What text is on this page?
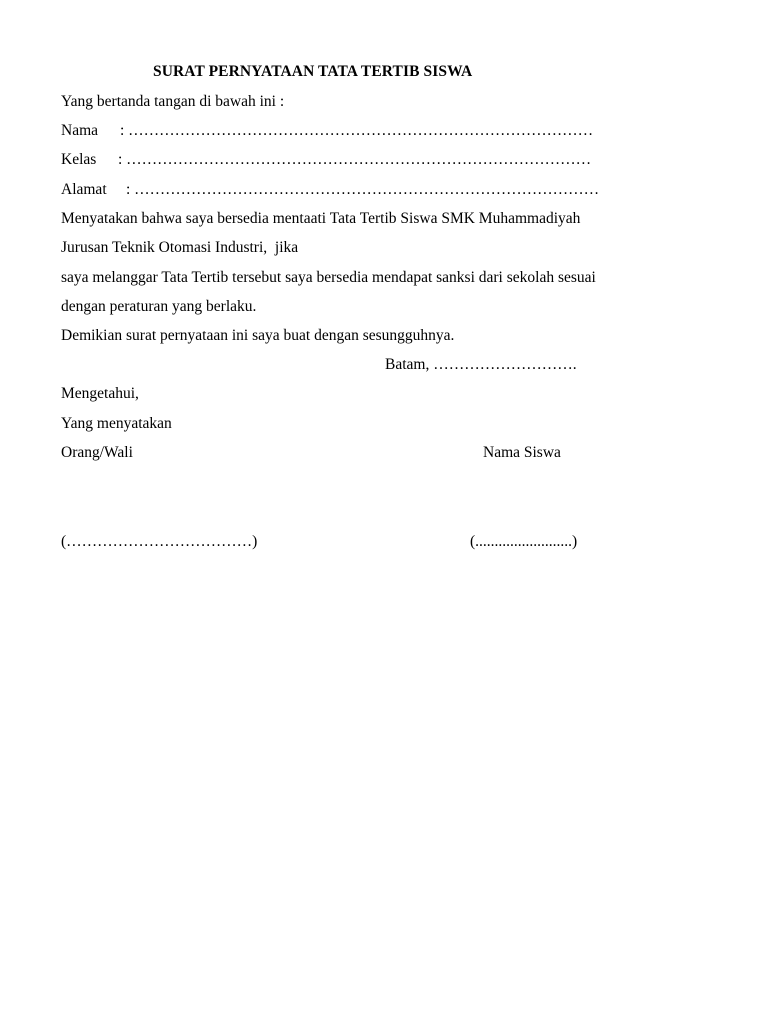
SURAT PERNYATAAN TATA TERTIB SISWA
Yang bertanda tangan di bawah ini :
Nama : ………………………………………………………………………………
Kelas : ………………………………………………………………………………
Alamat : ………………………………………………………………………………
Menyatakan bahwa saya bersedia mentaati Tata Tertib Siswa SMK Muhammadiyah
Jurusan Teknik Otomasi Industri,  jika
saya melanggar Tata Tertib tersebut saya bersedia mendapat sanksi dari sekolah sesuai
dengan peraturan yang berlaku.
Demikian surat pernyataan ini saya buat dengan sesungguhnya.
Batam, ……………………….
Mengetahui,
Yang menyatakan
Orang/Wali	Nama Siswa
(………………………………)	(.........................)
